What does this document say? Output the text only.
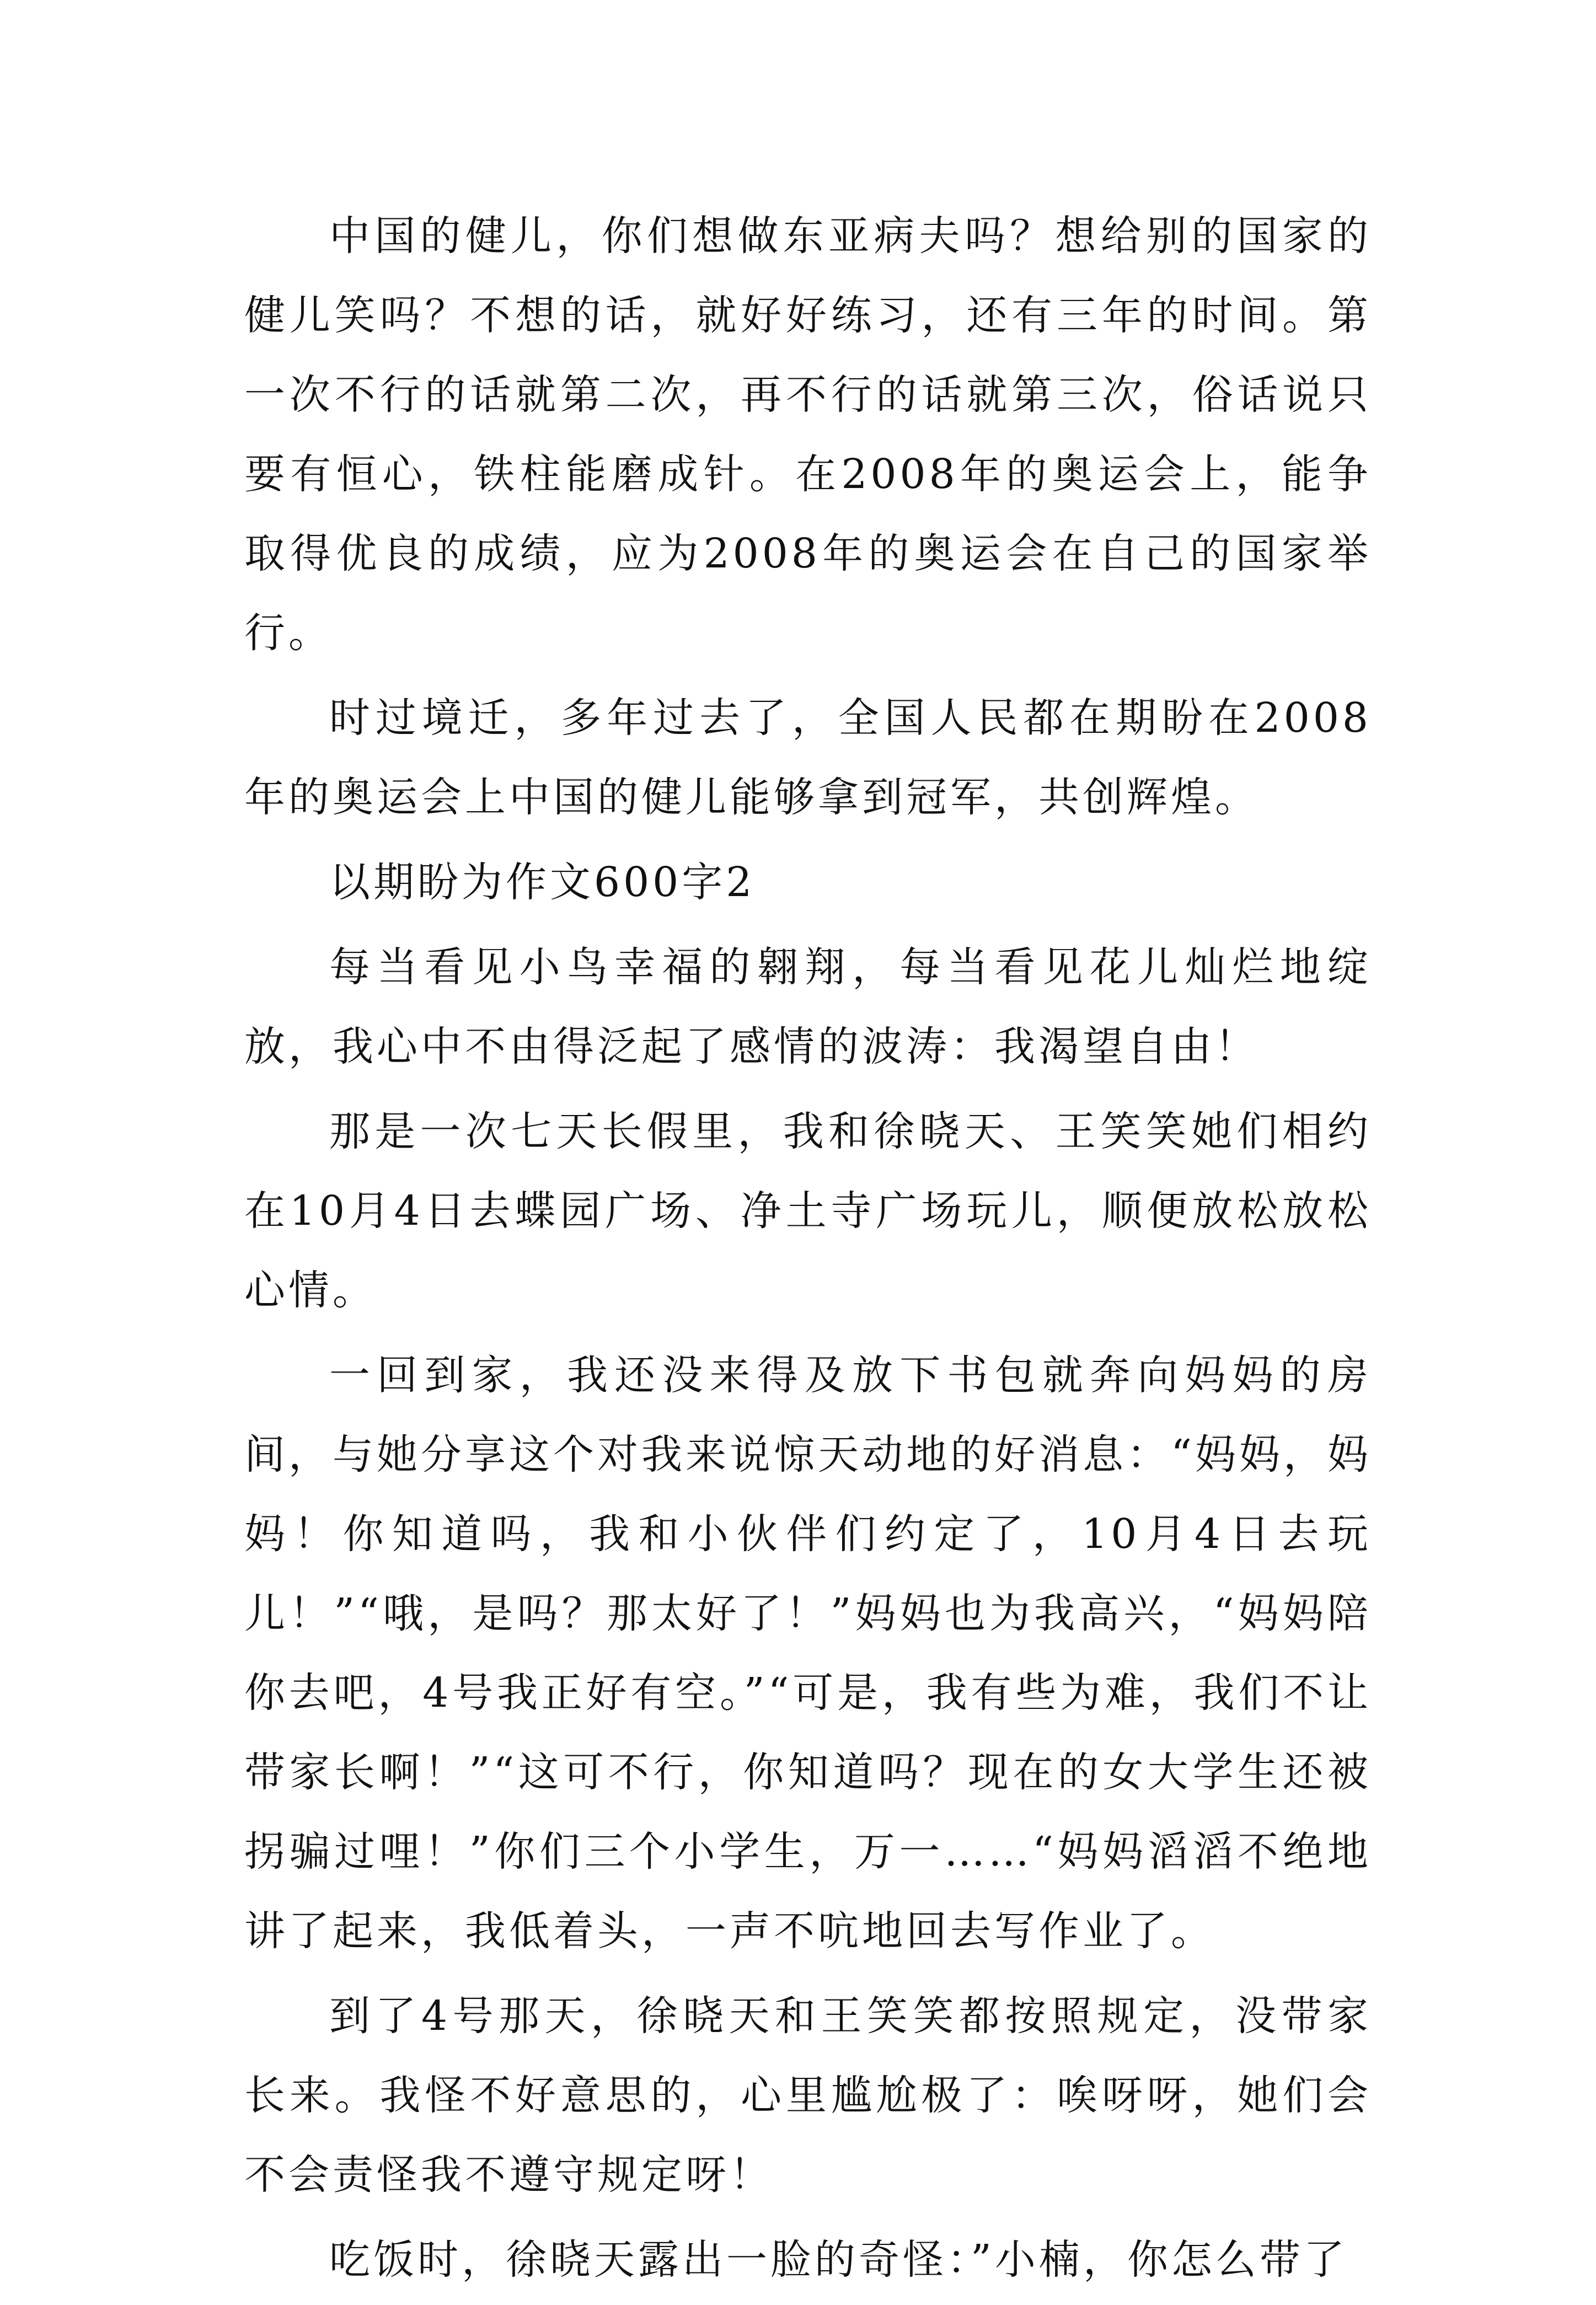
中国的健儿，你们想做东亚病夫吗？想给别的国家的健儿笑吗？不想的话，就好好练习，还有三年的时间。第一次不行的话就第二次，再不行的话就第三次，俗话说只要有恒心，铁柱能磨成针。在2008年的奥运会上，能争取得优良的成绩，应为2008年的奥运会在自己的国家举行。

时过境迁，多年过去了，全国人民都在期盼在2008年的奥运会上中国的健儿能够拿到冠军，共创辉煌。

以期盼为作文600字2

每当看见小鸟幸福的翱翔，每当看见花儿灿烂地绽放，我心中不由得泛起了感情的波涛：我渴望自由！

那是一次七天长假里，我和徐晓天、王笑笑她们相约在10月4日去蝶园广场、净土寺广场玩儿，顺便放松放松心情。

一回到家，我还没来得及放下书包就奔向妈妈的房间，与她分享这个对我来说惊天动地的好消息：“妈妈，妈妈！你知道吗，我和小伙伴们约定了，10月4日去玩儿！”“哦，是吗？那太好了！”妈妈也为我高兴，“妈妈陪你去吧，4号我正好有空。”“可是，我有些为难，我们不让带家长啊！”“这可不行，你知道吗？现在的女大学生还被拐骗过哩！”你们三个小学生，万一……“妈妈滔滔不绝地讲了起来，我低着头，一声不吭地回去写作业了。

到了4号那天，徐晓天和王笑笑都按照规定，没带家长来。我怪不好意思的，心里尴尬极了：唉呀呀，她们会不会责怪我不遵守规定呀！

吃饭时，徐晓天露出一脸的奇怪：”小楠，你怎么带了
